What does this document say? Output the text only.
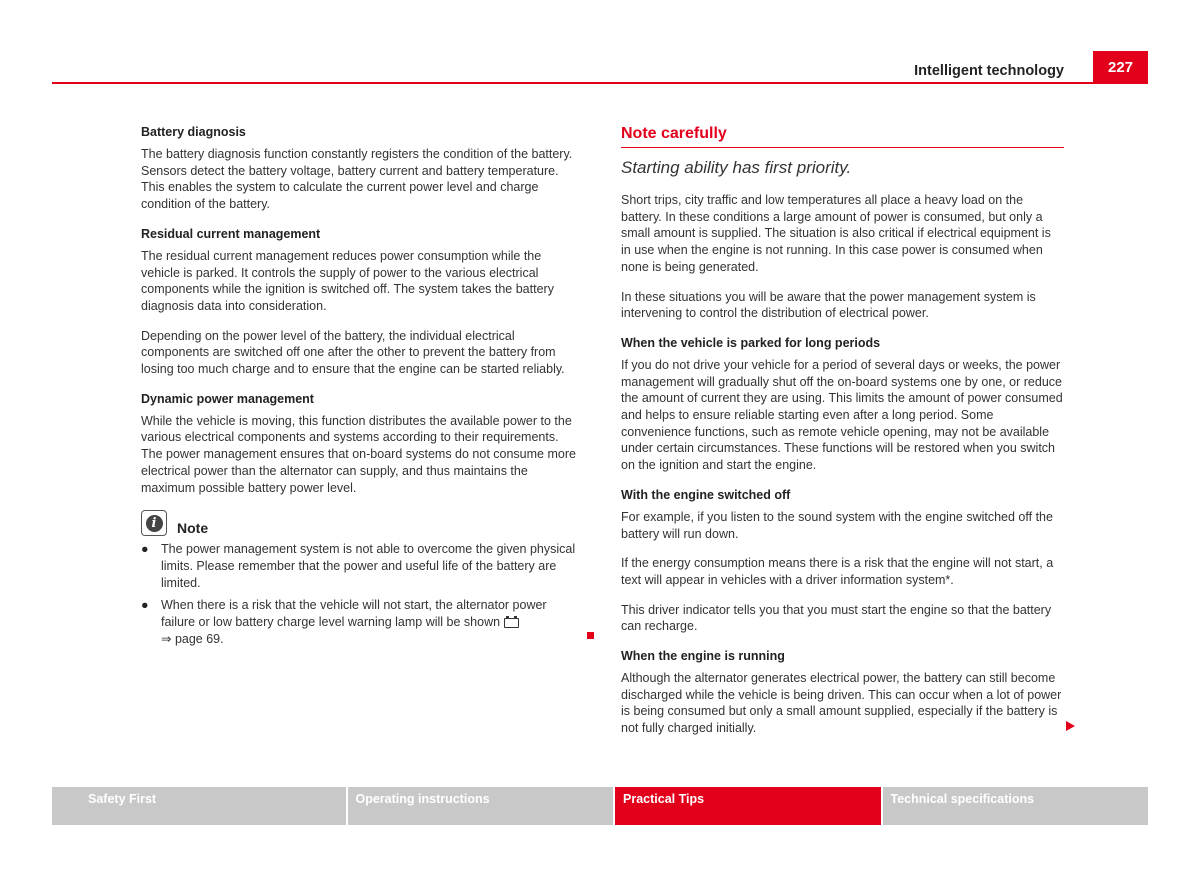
227
Intelligent technology
Battery diagnosis

The battery diagnosis function constantly registers the condition of the battery. Sensors detect the battery voltage, battery current and battery temperature. This enables the system to calculate the current power level and charge condition of the battery.

Residual current management

The residual current management reduces power consumption while the vehicle is parked. It controls the supply of power to the various electrical components while the ignition is switched off. The system takes the battery diagnosis data into consideration.

Depending on the power level of the battery, the individual electrical components are switched off one after the other to prevent the battery from losing too much charge and to ensure that the engine can be started reliably.

Dynamic power management

While the vehicle is moving, this function distributes the available power to the various electrical components and systems according to their requirements. The power management ensures that on-board systems do not consume more electrical power than the alternator can supply, and thus maintains the maximum possible battery power level.

i	Note
● The power management system is not able to overcome the given physical limits. Please remember that the power and useful life of the battery are limited.
● When there is a risk that the vehicle will not start, the alternator power failure or low battery charge level warning lamp will be shown
⇒ page 69.
Note carefully
Starting ability has first priority.

Short trips, city traffic and low temperatures all place a heavy load on the battery. In these conditions a large amount of power is consumed, but only a small amount is supplied. The situation is also critical if electrical equipment is in use when the engine is not running. In this case power is consumed when none is being generated.

In these situations you will be aware that the power management system is intervening to control the distribution of electrical power.

When the vehicle is parked for long periods

If you do not drive your vehicle for a period of several days or weeks, the power management will gradually shut off the on-board systems one by one, or reduce the amount of current they are using. This limits the amount of power consumed and helps to ensure reliable starting even after a long period. Some convenience functions, such as remote vehicle opening, may not be available under certain circumstances. These functions will be restored when you switch on the ignition and start the engine.

With the engine switched off

For example, if you listen to the sound system with the engine switched off the battery will run down.

If the energy consumption means there is a risk that the engine will not start, a text will appear in vehicles with a driver information system*.

This driver indicator tells you that you must start the engine so that the battery can recharge.

When the engine is running

Although the alternator generates electrical power, the battery can still become discharged while the vehicle is being driven. This can occur when a lot of power is being consumed but only a small amount supplied, especially if the battery is not fully charged initially.

Safety First	Operating instructions	Practical Tips	Technical specifications
